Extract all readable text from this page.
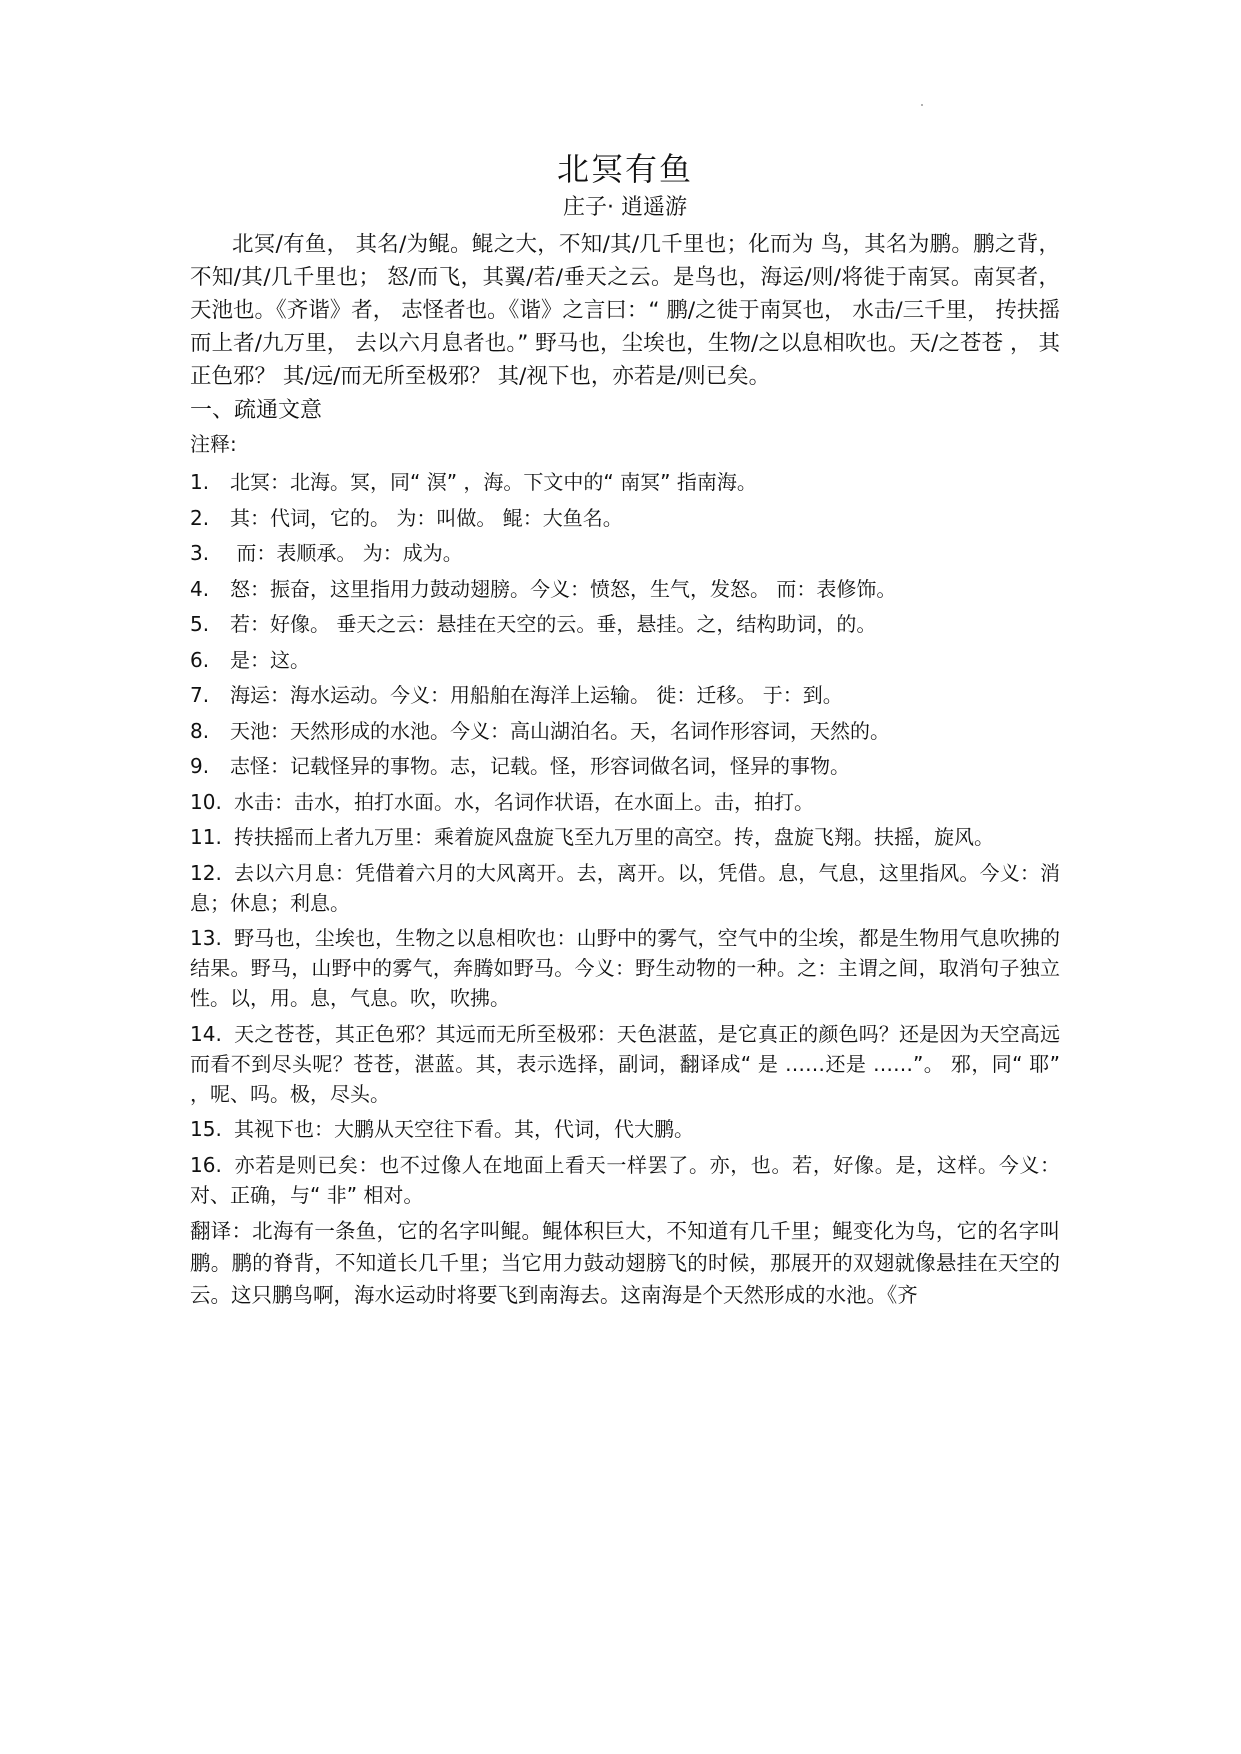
北冥有鱼

庄子· 逍遥游

北冥/有鱼， 其名/为鲲。鲲之大，不知/其/几千里也；化而为 鸟，其名为鹏。鹏之背，不知/其/几千里也； 怒/而飞，其翼/若/垂天之云。是鸟也，海运/则/将徙于南冥。南冥者，天池也。《齐谐》者， 志怪者也。《谐》之言曰：“ 鹏/之徙于南冥也， 水击/三千里， 抟扶摇而上者/九万里， 去以六月息者也。” 野马也，尘埃也，生物/之以息相吹也。天/之苍苍 ， 其正色邪？ 其/远/而无所至极邪？ 其/视下也，亦若是/则已矣。

一、疏通文意

注释:

1. 北冥：北海。冥，同“ 溟” ，海。下文中的“ 南冥” 指南海。
2. 其：代词，它的。 为：叫做。 鲲：大鱼名。
3. 而：表顺承。 为：成为。
4. 怒：振奋，这里指用力鼓动翅膀。今义：愤怒，生气，发怒。 而：表修饰。
5. 若：好像。 垂天之云：悬挂在天空的云。垂，悬挂。之，结构助词，的。
6. 是：这。
7. 海运：海水运动。今义：用船舶在海洋上运输。 徙：迁移。 于：到。
8. 天池：天然形成的水池。今义：高山湖泊名。天，名词作形容词，天然的。
9. 志怪：记载怪异的事物。志，记载。怪，形容词做名词，怪异的事物。
10. 水击：击水，拍打水面。水，名词作状语，在水面上。击，拍打。
11. 抟扶摇而上者九万里：乘着旋风盘旋飞至九万里的高空。抟，盘旋飞翔。扶摇，旋风。
12. 去以六月息：凭借着六月的大风离开。去，离开。以，凭借。息，气息，这里指风。今义：消息；休息；利息。
13. 野马也，尘埃也，生物之以息相吹也：山野中的雾气，空气中的尘埃，都是生物用气息吹拂的结果。野马，山野中的雾气，奔腾如野马。今义：野生动物的一种。之：主谓之间，取消句子独立性。以，用。息，气息。吹，吹拂。
14. 天之苍苍，其正色邪？其远而无所至极邪：天色湛蓝，是它真正的颜色吗？还是因为天空高远而看不到尽头呢？苍苍，湛蓝。其，表示选择，副词，翻译成“ 是 ……还是 ……”。 邪，同“ 耶” ，呢、吗。极，尽头。
15. 其视下也：大鹏从天空往下看。其，代词，代大鹏。
16. 亦若是则已矣：也不过像人在地面上看天一样罢了。亦，也。若，好像。是，这样。今义：对、正确，与“ 非” 相对。

翻译：北海有一条鱼，它的名字叫鲲。鲲体积巨大，不知道有几千里；鲲变化为鸟，它的名字叫鹏。鹏的脊背，不知道长几千里；当它用力鼓动翅膀飞的时候，那展开的双翅就像悬挂在天空的云。这只鹏鸟啊，海水运动时将要飞到南海去。这南海是个天然形成的水池。《齐
